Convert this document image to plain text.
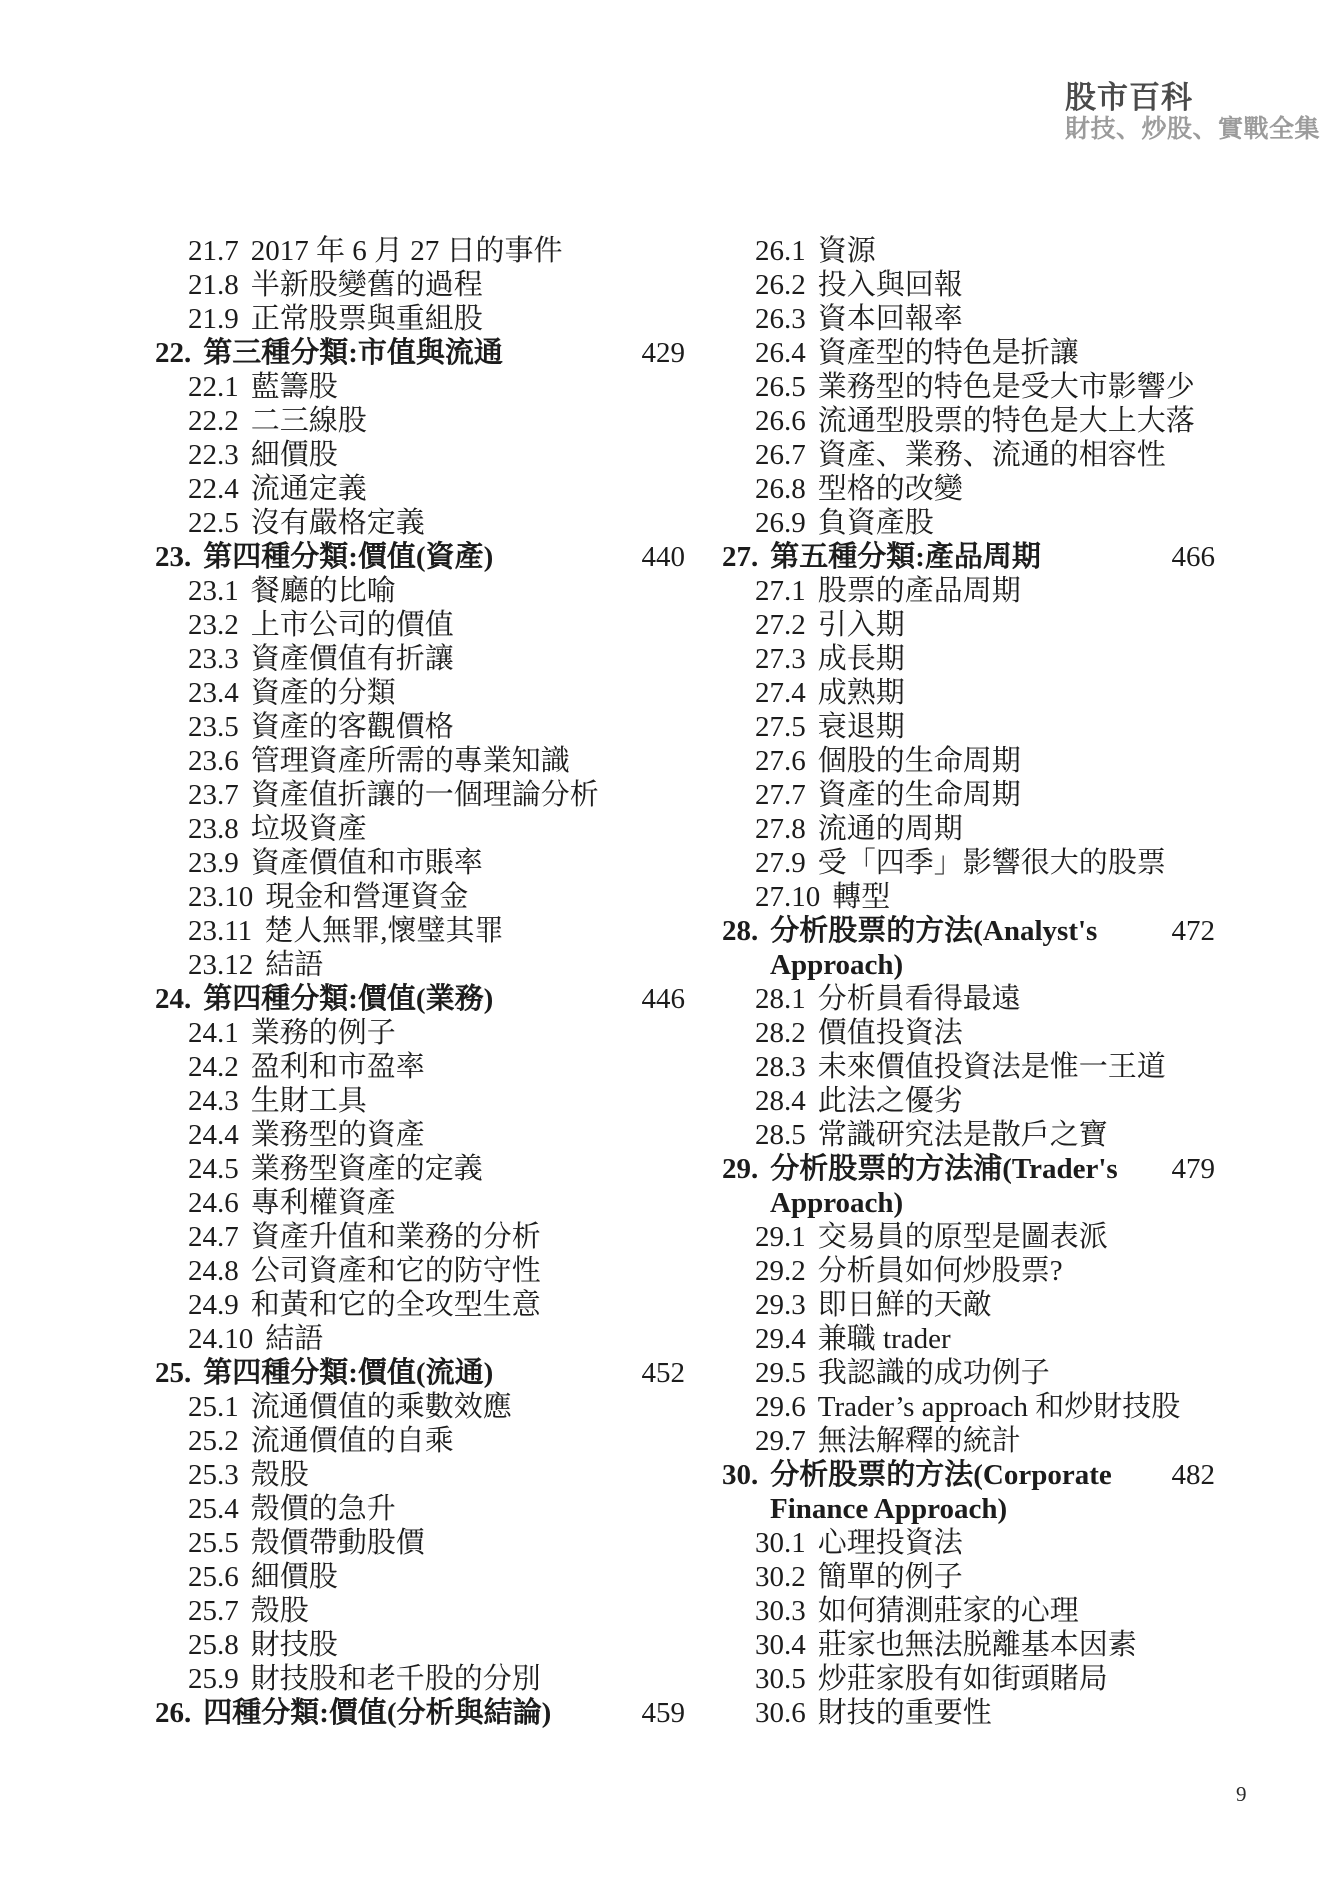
股市百科
財技、炒股、實戰全集
21.7 2017 年 6 月 27 日的事件
21.8 半新股變舊的過程
21.9 正常股票與重組股
22. 第三種分類:市值與流通	429
22.1 藍籌股
22.2 二三線股
22.3 細價股
22.4 流通定義
22.5 沒有嚴格定義
23. 第四種分類:價值(資產)	440
23.1 餐廳的比喻
23.2 上市公司的價值
23.3 資產價值有折讓
23.4 資產的分類
23.5 資產的客觀價格
23.6 管理資產所需的專業知識
23.7 資產值折讓的一個理論分析
23.8 垃圾資產
23.9 資產價值和市賬率
23.10 現金和營運資金
23.11 楚人無罪,懷璧其罪
23.12 結語
24. 第四種分類:價值(業務)	446
24.1 業務的例子
24.2 盈利和市盈率
24.3 生財工具
24.4 業務型的資產
24.5 業務型資產的定義
24.6 專利權資產
24.7 資產升值和業務的分析
24.8 公司資產和它的防守性
24.9 和黃和它的全攻型生意
24.10 結語
25. 第四種分類:價值(流通)	452
25.1 流通價值的乘數效應
25.2 流通價值的自乘
25.3 殼股
25.4 殼價的急升
25.5 殼價帶動股價
25.6 細價股
25.7 殼股
25.8 財技股
25.9 財技股和老千股的分別
26. 四種分類:價值(分析與結論)	459
26.1 資源
26.2 投入與回報
26.3 資本回報率
26.4 資產型的特色是折讓
26.5 業務型的特色是受大市影響少
26.6 流通型股票的特色是大上大落
26.7 資產、業務、流通的相容性
26.8 型格的改變
26.9 負資產股
27. 第五種分類:產品周期	466
27.1 股票的產品周期
27.2 引入期
27.3 成長期
27.4 成熟期
27.5 衰退期
27.6 個股的生命周期
27.7 資產的生命周期
27.8 流通的周期
27.9 受「四季」影響很大的股票
27.10 轉型
28. 分析股票的方法(Analyst's	472
Approach)
28.1 分析員看得最遠
28.2 價值投資法
28.3 未來價值投資法是惟一王道
28.4 此法之優劣
28.5 常識研究法是散戶之寶
29. 分析股票的方法浦(Trader's	479
Approach)
29.1 交易員的原型是圖表派
29.2 分析員如何炒股票?
29.3 即日鮮的天敵
29.4 兼職 trader
29.5 我認識的成功例子
29.6 Trader’s approach 和炒財技股
29.7 無法解釋的統計
30. 分析股票的方法(Corporate	482
Finance Approach)
30.1 心理投資法
30.2 簡單的例子
30.3 如何猜測莊家的心理
30.4 莊家也無法脱離基本因素
30.5 炒莊家股有如街頭賭局
30.6 財技的重要性
9
